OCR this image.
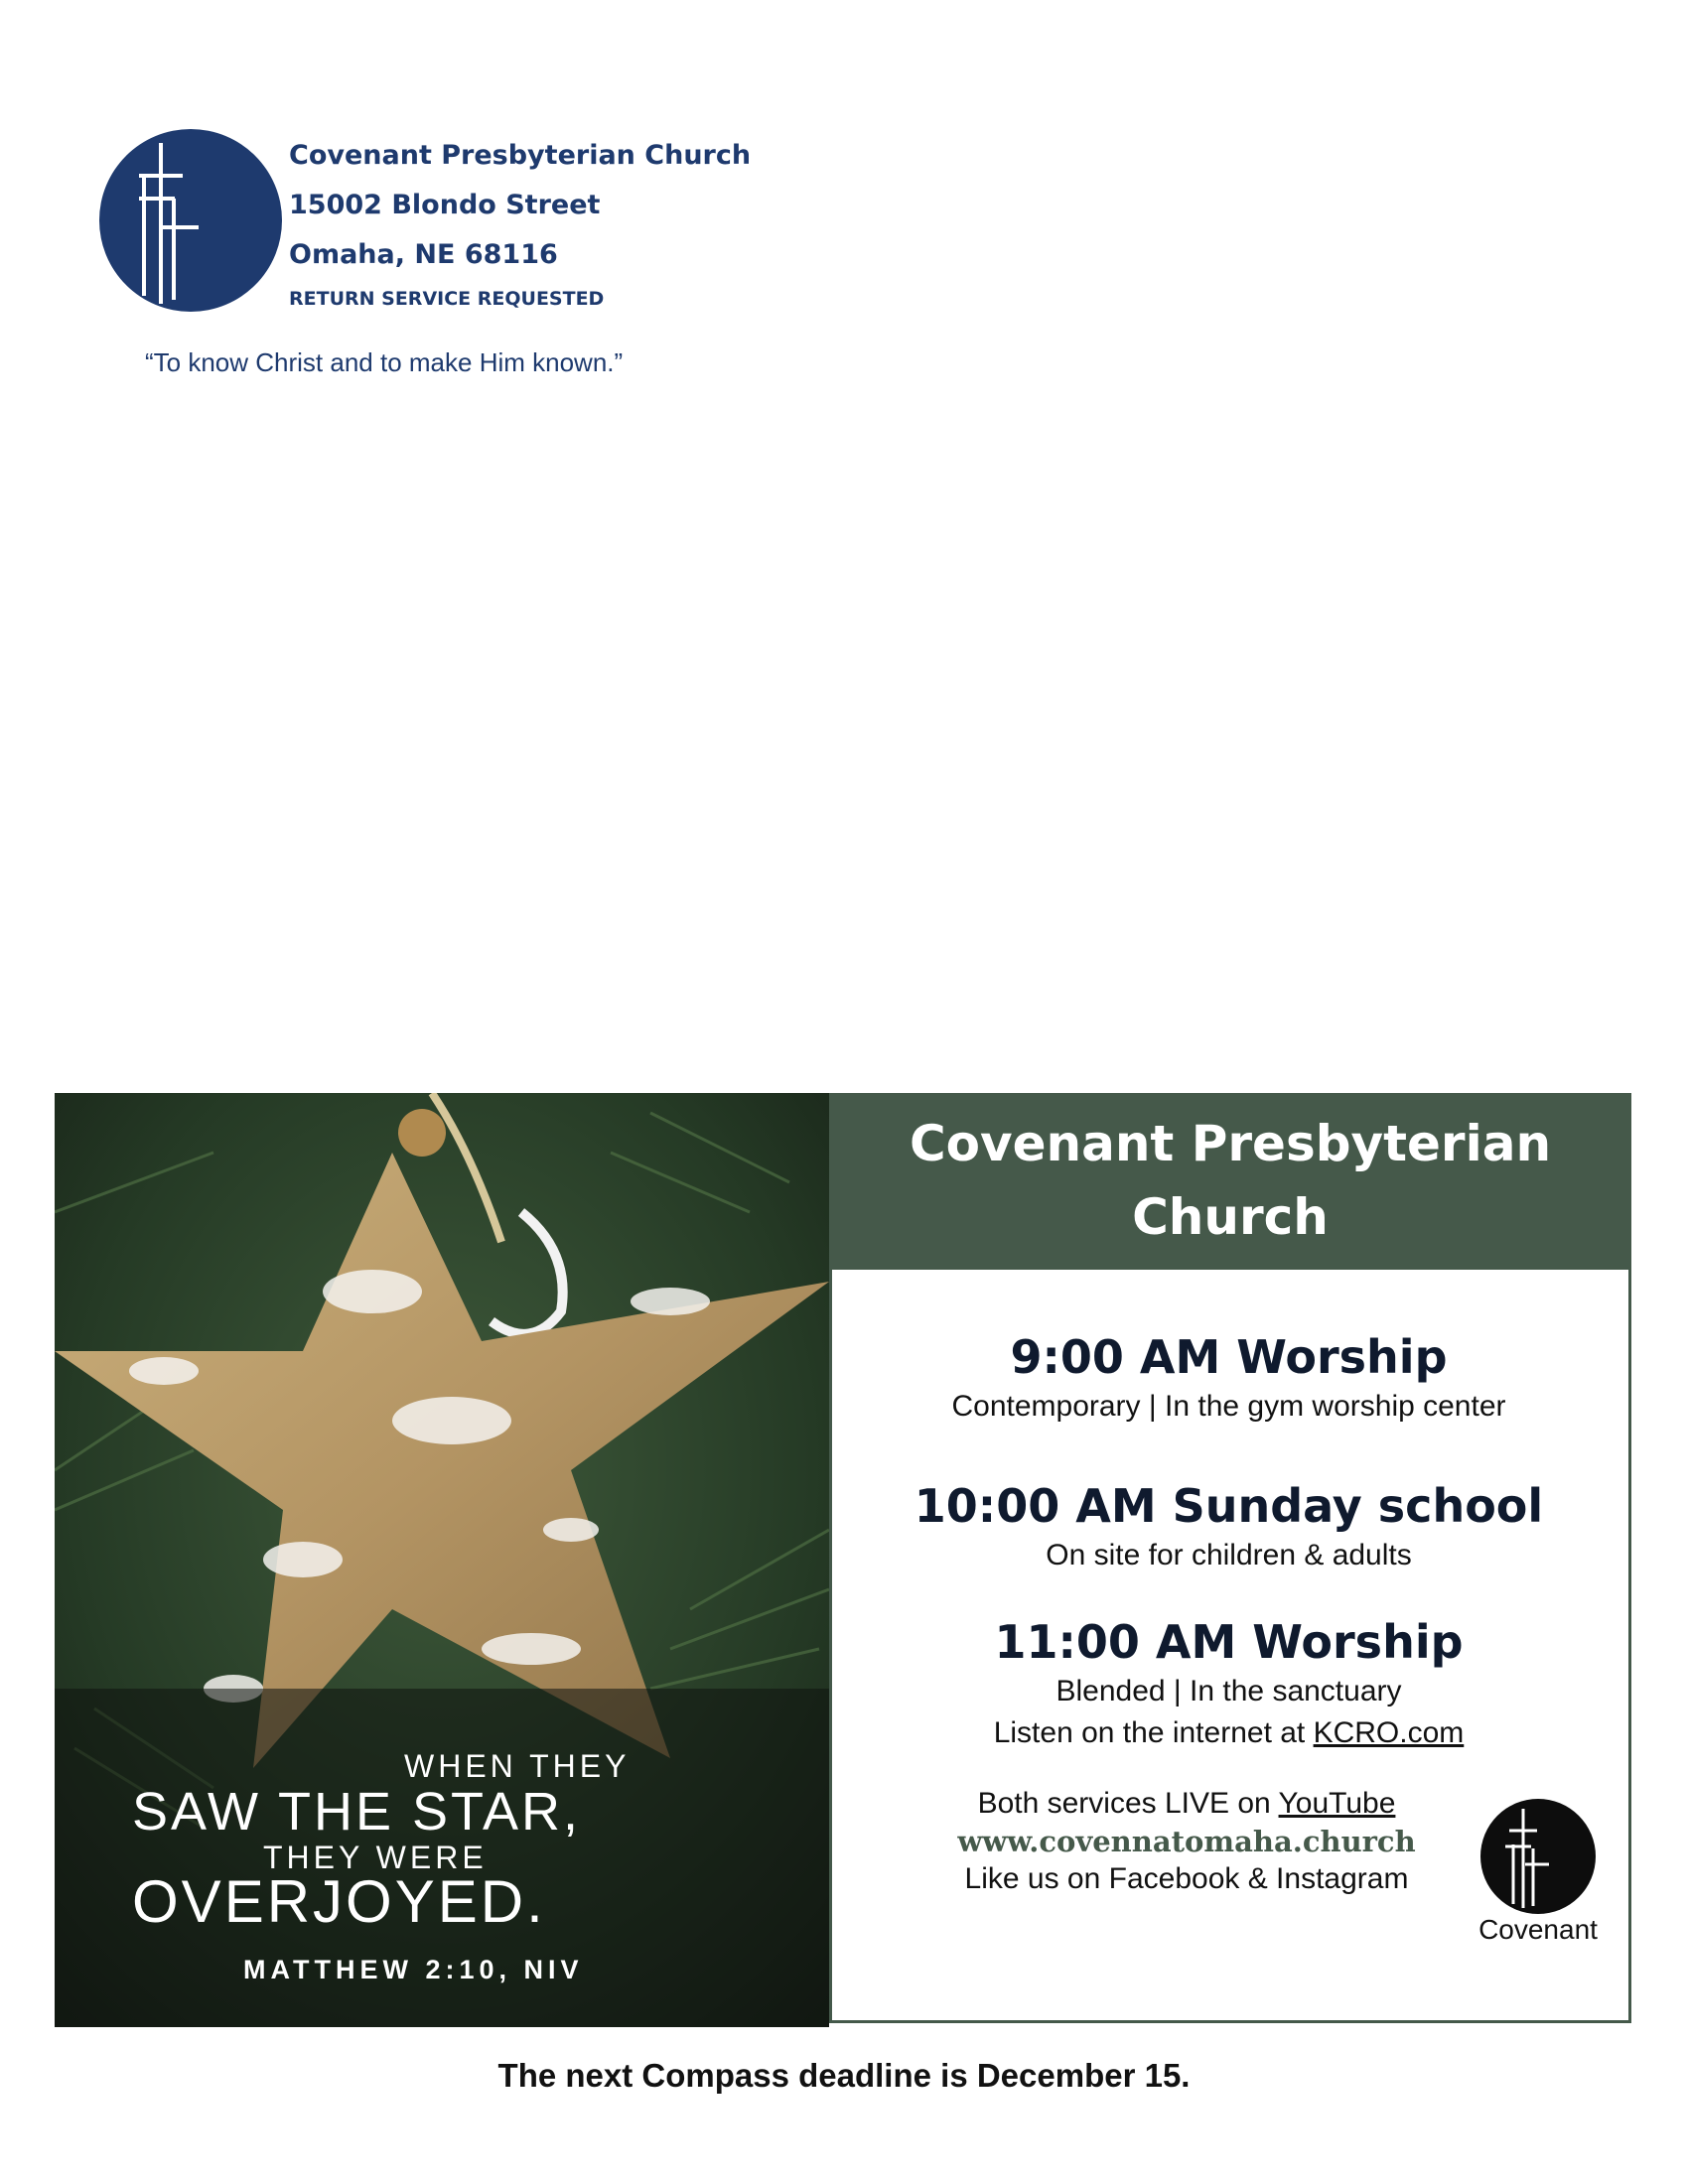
Covenant Presbyterian Church
15002 Blondo Street
Omaha, NE 68116
RETURN SERVICE REQUESTED
“To know Christ and to make Him known.”
WHEN THEY
SAW THE STAR,
THEY WERE
OVERJOYED.
MATTHEW 2:10, NIV
Covenant Presbyterian
Church
9:00 AM Worship
Contemporary | In the gym worship center
10:00 AM Sunday school
On site for children & adults
11:00 AM Worship
Blended | In the sanctuary
Listen on the internet at KCRO.com
Both services LIVE on YouTube
www.covennatomaha.church
Like us on Facebook & Instagram
Covenant
The next Compass deadline is December 15.
